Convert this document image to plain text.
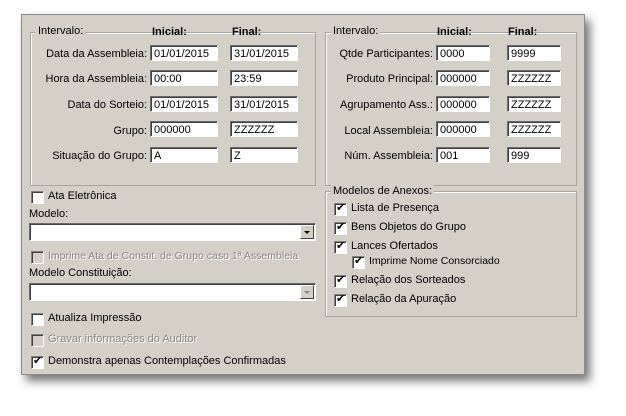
Intervalo:	Inicial:	Final:
Data da Assembleia: 01/01/2015	31/01/2015
Hora da Assembleia: 00:00	23:59
Data do Sorteio: 01/01/2015	31/01/2015
Grupo: 000000	ZZZZZZ
Situação do Grupo: A	Z
Intervalo:	Inicial:	Final:
Qtde Participantes: 0000	9999
Produto Principal: 000000	ZZZZZZ
Agrupamento Ass.: 000000	ZZZZZZ
Local Assembleia: 000000	ZZZZZZ
Núm. Assembleia: 001	999
Ata Eletrônica
Modelo:
Imprime Ata de Constit. de Grupo caso 1ª Assembleia
Modelo Constituição:
Atualiza Impressão
Gravar informações do Auditor
✔ Demonstra apenas Contemplações Confirmadas
Modelos de Anexos:
✔ Lista de Presença
✔ Bens Objetos do Grupo
✔ Lances Ofertados
✔ Imprime Nome Consorciado
✔ Relação dos Sorteados
✔ Relação da Apuração
